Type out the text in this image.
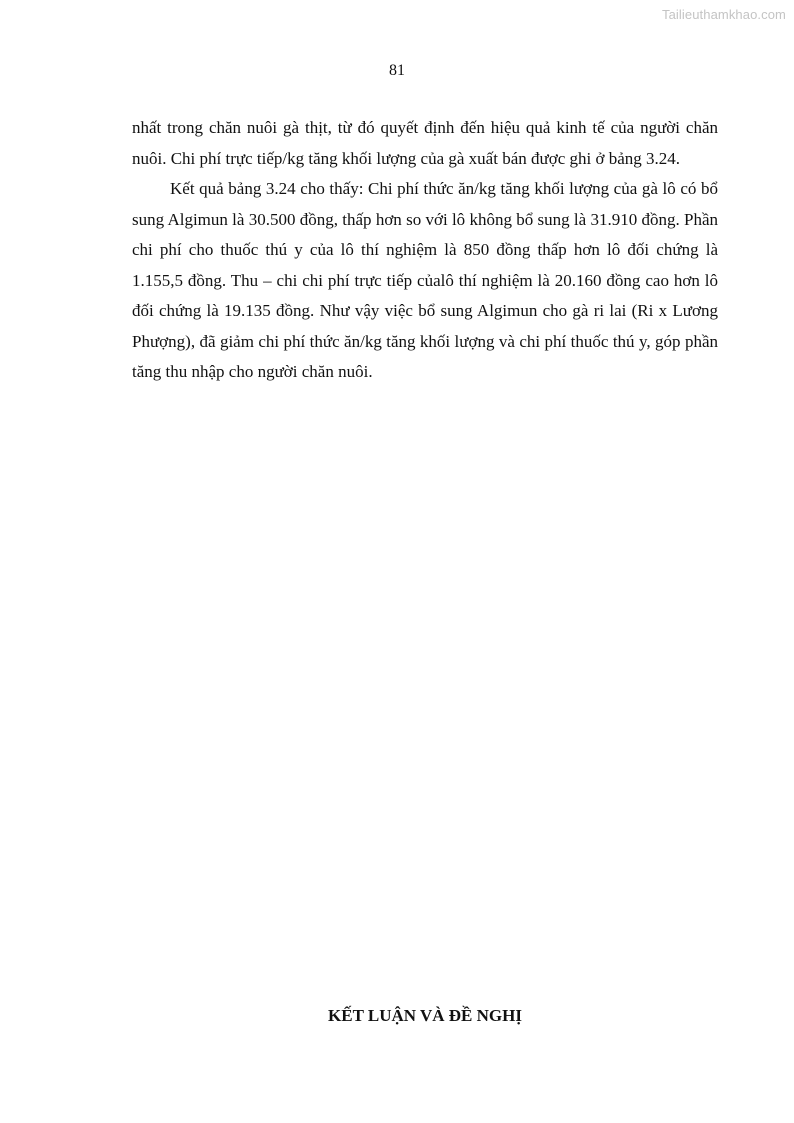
Tailieuthamkhao.com
81

nhất trong chăn nuôi gà thịt, từ đó quyết định đến hiệu quả kinh tế của người chăn nuôi. Chi phí trực tiếp/kg tăng khối lượng của gà xuất bán được ghi ở bảng 3.24.

Kết quả bảng 3.24 cho thấy: Chi phí thức ăn/kg tăng khối lượng của gà lô có bổ sung Algimun là 30.500 đồng, thấp hơn so với lô không bổ sung là 31.910 đồng. Phần chi phí cho thuốc thú y của lô thí nghiệm là 850 đồng thấp hơn lô đối chứng là 1.155,5 đồng. Thu – chi chi phí trực tiếp củalô thí nghiệm là 20.160 đồng cao hơn lô đối chứng là 19.135 đồng. Như vậy việc bổ sung Algimun cho gà ri lai (Ri x Lương Phượng), đã giảm chi phí thức ăn/kg tăng khối lượng và chi phí thuốc thú y, góp phần tăng thu nhập cho người chăn nuôi.

KẾT LUẬN VÀ ĐỀ NGHỊ
